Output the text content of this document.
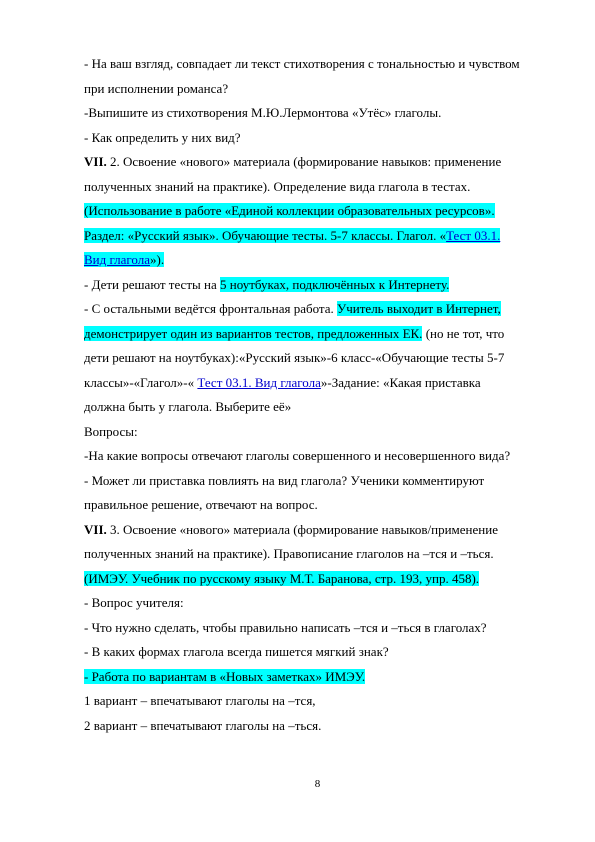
- На ваш взгляд, совпадает ли текст стихотворения с тональностью и чувством
при исполнении романса?
-Выпишите из стихотворения М.Ю.Лермонтова «Утёс» глаголы.
- Как определить у них вид?
VII. 2. Освоение «нового» материала (формирование навыков: применение
полученных знаний на практике). Определение вида глагола в тестах.
(Использование в работе «Единой коллекции образовательных ресурсов».
Раздел: «Русский язык». Обучающие тесты. 5-7 классы. Глагол. «Тест 03.1.
Вид глагола»).
- Дети решают тесты на 5 ноутбуках, подключённых к Интернету.
- С остальными ведётся фронтальная работа. Учитель выходит в Интернет,
демонстрирует один из вариантов тестов, предложенных ЕК. (но не тот, что
дети решают на ноутбуках):«Русский язык»-6 класс-«Обучающие тесты 5-7
классы»-«Глагол»-« Тест 03.1. Вид глагола»-Задание: «Какая приставка
должна быть у глагола. Выберите её»
Вопросы:
-На какие вопросы отвечают глаголы совершенного и несовершенного вида?
- Может ли приставка повлиять на вид глагола? Ученики комментируют
правильное решение, отвечают на вопрос.
VII. 3. Освоение «нового» материала (формирование навыков/применение
полученных знаний на практике). Правописание глаголов на –тся и –ться.
(ИМЭУ. Учебник по русскому языку М.Т. Баранова, стр. 193, упр. 458).
- Вопрос учителя:
- Что нужно сделать, чтобы правильно написать –тся и –ться в глаголах?
- В каких формах глагола всегда пишется мягкий знак?
- Работа по вариантам в «Новых заметках» ИМЭУ.
1 вариант – впечатывают глаголы на –тся,
2 вариант – впечатывают глаголы на –ться.
8
